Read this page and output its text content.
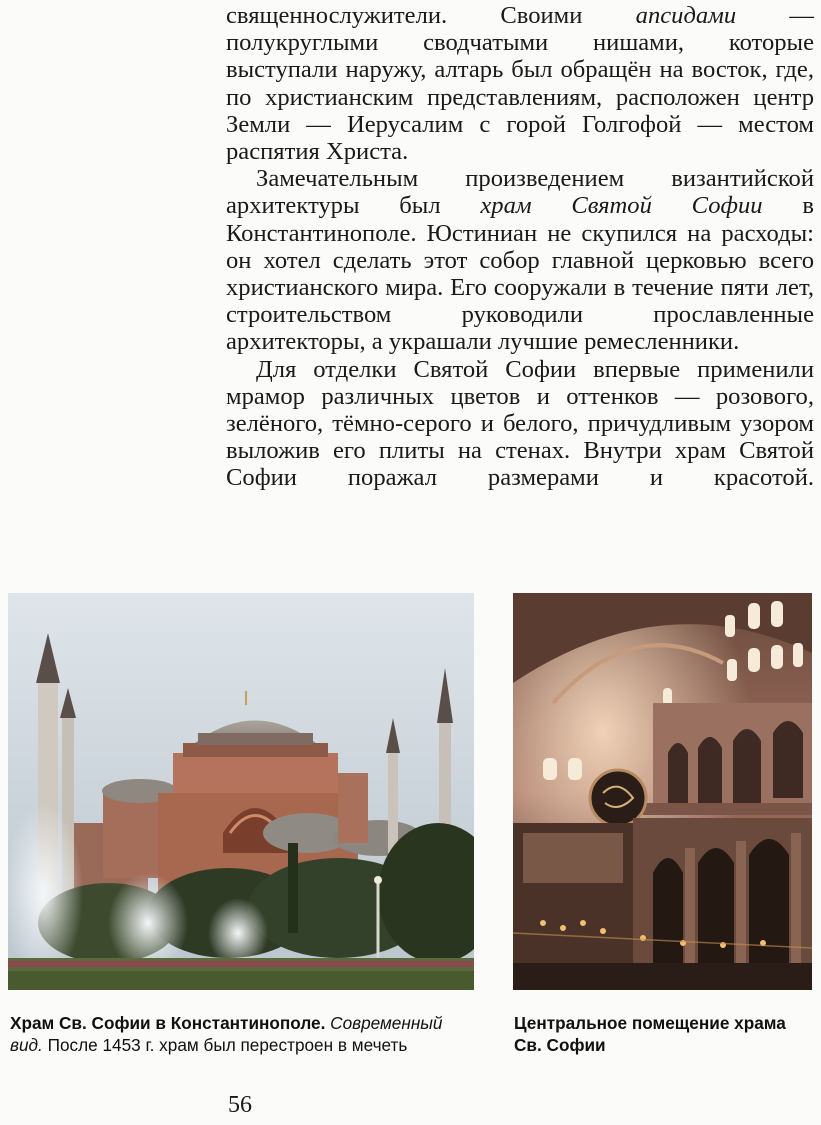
священнослужители. Своими апсидами — полукруглыми сводчатыми нишами, которые выступали наружу, алтарь был обращён на восток, где, по христианским представлениям, расположен центр Земли — Иерусалим с горой Голгофой — местом распятия Христа.

Замечательным произведением византийской архитектуры был храм Святой Софии в Константинополе. Юстиниан не скупился на расходы: он хотел сделать этот собор главной церковью всего христианского мира. Его сооружали в течение пяти лет, строительством руководили прославленные архитекторы, а украшали лучшие ремесленники.

Для отделки Святой Софии впервые применили мрамор различных цветов и оттенков — розового, зелёного, тёмно-серого и белого, причудливым узором выложив его плиты на стенах. Внутри храм Святой Софии поражал размерами и красотой.

Храм Св. Софии в Константинополе. Современный вид. После 1453 г. храм был перестроен в мечеть
Центральное помещение храма Св. Софии
56
